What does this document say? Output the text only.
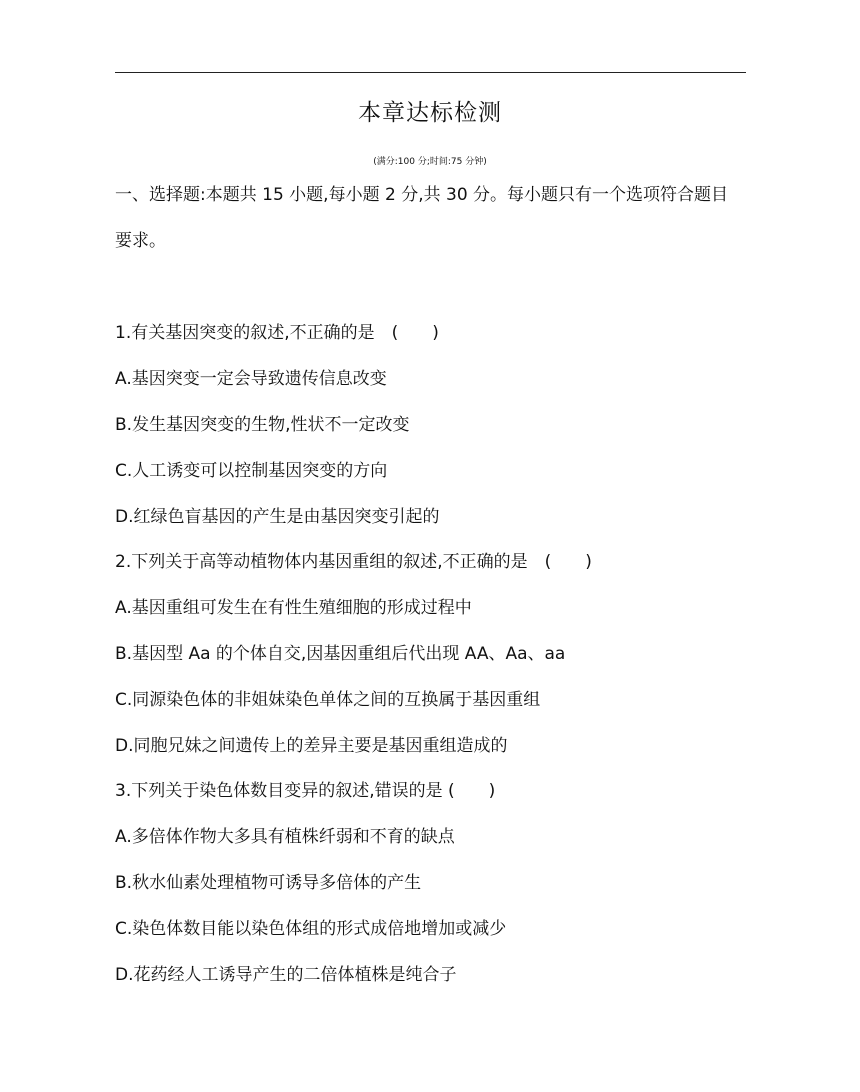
本章达标检测
(满分:100 分;时间:75 分钟)
一、选择题:本题共 15 小题,每小题 2 分,共 30 分。每小题只有一个选项符合题目
要求。
1.有关基因突变的叙述,不正确的是　(　　)
A.基因突变一定会导致遗传信息改变
B.发生基因突变的生物,性状不一定改变
C.人工诱变可以控制基因突变的方向
D.红绿色盲基因的产生是由基因突变引起的
2.下列关于高等动植物体内基因重组的叙述,不正确的是　(　　)
A.基因重组可发生在有性生殖细胞的形成过程中
B.基因型 Aa 的个体自交,因基因重组后代出现 AA、Aa、aa
C.同源染色体的非姐妹染色单体之间的互换属于基因重组
D.同胞兄妹之间遗传上的差异主要是基因重组造成的
3.下列关于染色体数目变异的叙述,错误的是 (　　)
A.多倍体作物大多具有植株纤弱和不育的缺点
B.秋水仙素处理植物可诱导多倍体的产生
C.染色体数目能以染色体组的形式成倍地增加或减少
D.花药经人工诱导产生的二倍体植株是纯合子
